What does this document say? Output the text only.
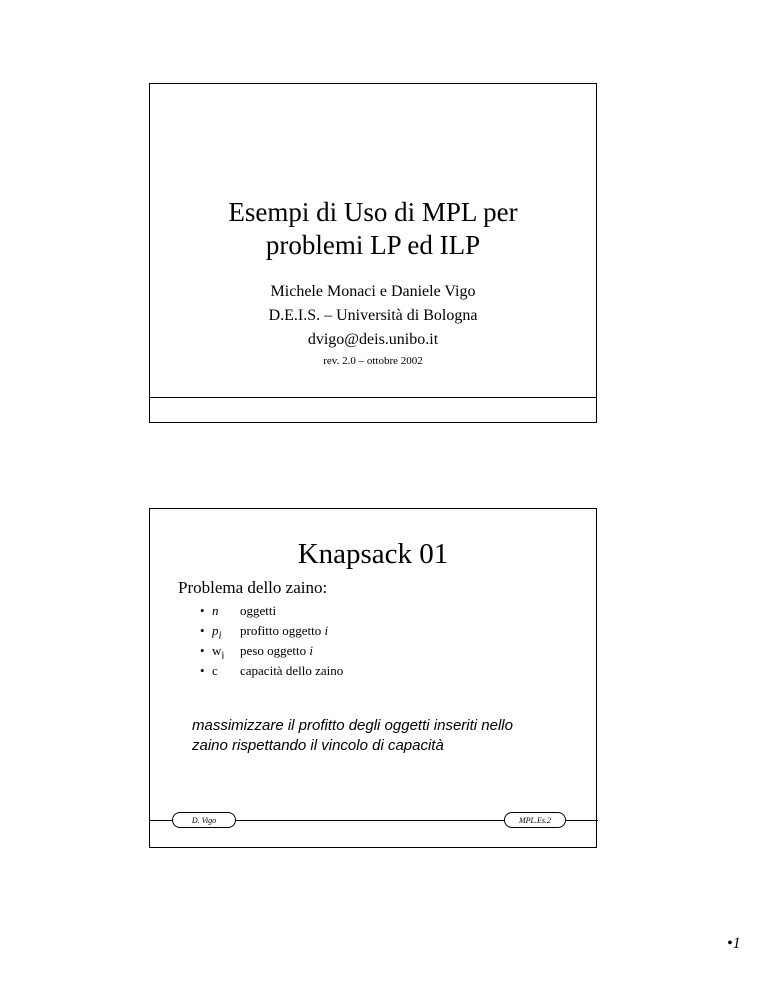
Esempi di Uso di MPL per
problemi LP ed ILP
Michele Monaci e Daniele Vigo
D.E.I.S. – Università di Bologna
dvigo@deis.unibo.it
rev. 2.0 – ottobre 2002
Knapsack 01
Problema dello zaino:
• n	oggetti
• $p_i$	profitto oggetto i
• $w_i$	peso oggetto i
• c	capacità dello zaino
massimizzare il profitto degli oggetti inseriti nello
zaino rispettando il vincolo di capacità
D. Vigo	MPL.Es.2
•1
